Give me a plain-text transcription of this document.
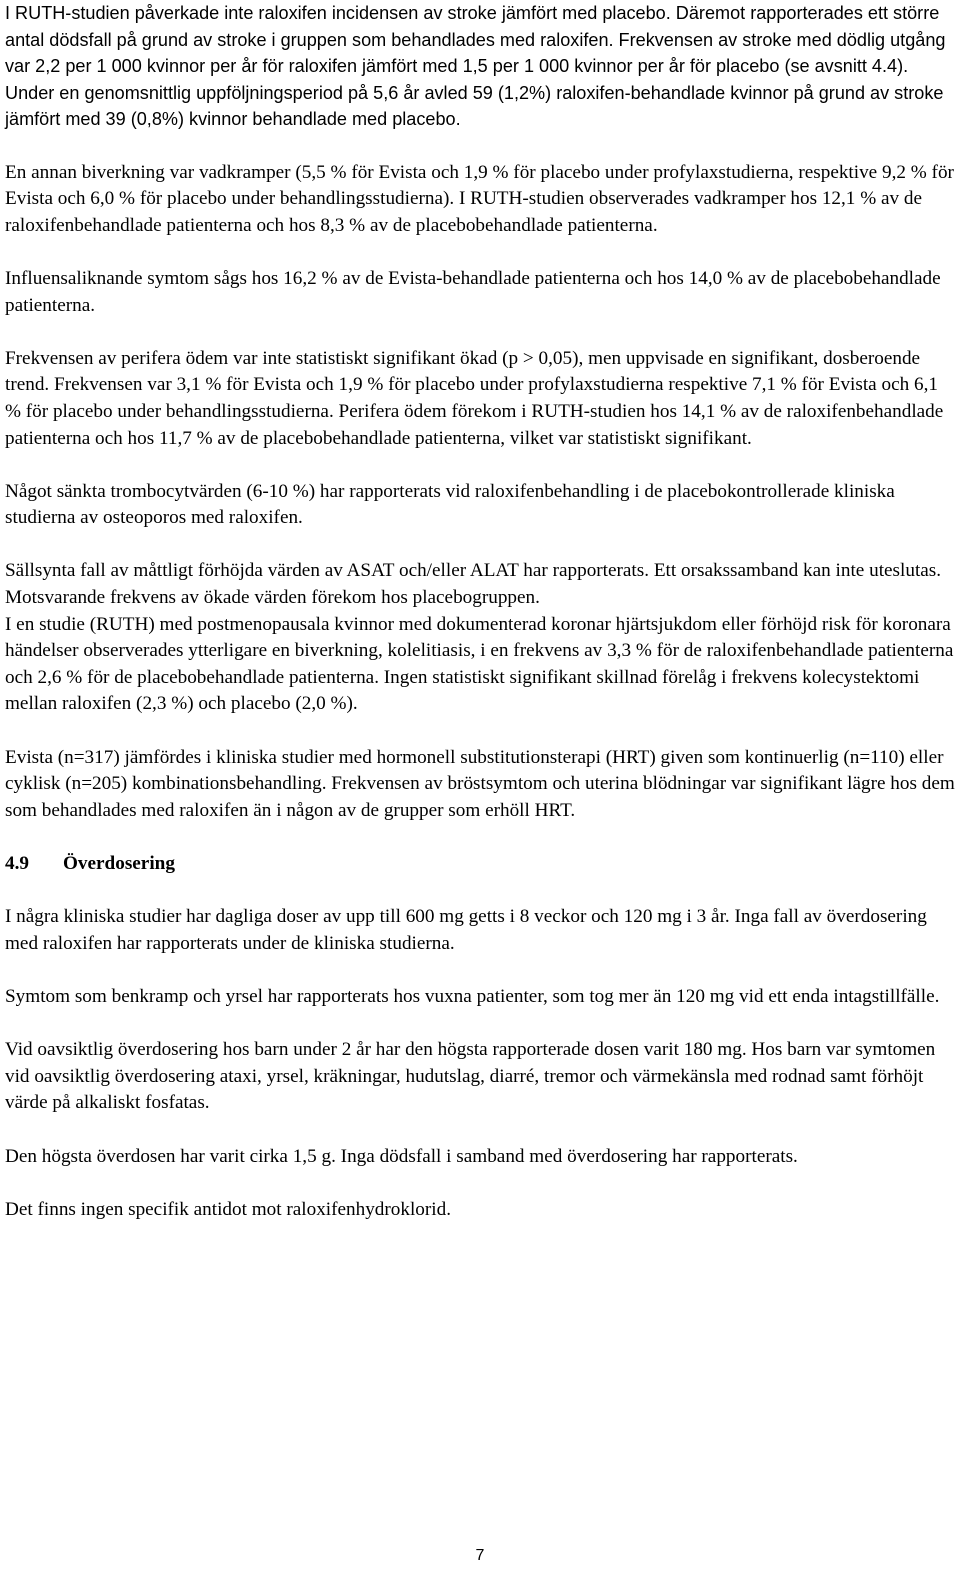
I RUTH-studien påverkade inte raloxifen incidensen av stroke jämfört med placebo. Däremot rapporterades ett större antal dödsfall på grund av stroke i gruppen som behandlades med raloxifen. Frekvensen av stroke med dödlig utgång var 2,2 per 1 000 kvinnor per år för raloxifen jämfört med 1,5 per 1 000 kvinnor per år för placebo (se avsnitt 4.4). Under en genomsnittlig uppföljningsperiod på 5,6 år avled 59 (1,2%) raloxifen-behandlade kvinnor på grund av stroke jämfört med 39 (0,8%) kvinnor behandlade med placebo.

En annan biverkning var vadkramper (5,5 % för Evista och 1,9 % för placebo under profylaxstudierna, respektive 9,2 % för Evista och 6,0 % för placebo under behandlingsstudierna). I RUTH-studien observerades vadkramper hos 12,1 % av de raloxifenbehandlade patienterna och hos 8,3 % av de placebobehandlade patienterna.

Influensaliknande symtom sågs hos 16,2 % av de Evista-behandlade patienterna och hos 14,0 % av de placebobehandlade patienterna.

Frekvensen av perifera ödem var inte statistiskt signifikant ökad (p > 0,05), men uppvisade en signifikant, dosberoende trend. Frekvensen var 3,1 % för Evista och 1,9 % för placebo under profylaxstudierna respektive 7,1 % för Evista och 6,1 % för placebo under behandlingsstudierna. Perifera ödem förekom i RUTH-studien hos 14,1 % av de raloxifenbehandlade patienterna och hos 11,7 % av de placebobehandlade patienterna, vilket var statistiskt signifikant.

Något sänkta trombocytvärden (6-10 %) har rapporterats vid raloxifenbehandling i de placebokontrollerade kliniska studierna av osteoporos med raloxifen.

Sällsynta fall av måttligt förhöjda värden av ASAT och/eller ALAT har rapporterats. Ett orsakssamband kan inte uteslutas. Motsvarande frekvens av ökade värden förekom hos placebogruppen.

I en studie (RUTH) med postmenopausala kvinnor med dokumenterad koronar hjärtsjukdom eller förhöjd risk för koronara händelser observerades ytterligare en biverkning, kolelitiasis, i en frekvens av 3,3 % för de raloxifenbehandlade patienterna och 2,6 % för de placebobehandlade patienterna. Ingen statistiskt signifikant skillnad förelåg i frekvens kolecystektomi mellan raloxifen (2,3 %) och placebo (2,0 %).

Evista (n=317) jämfördes i kliniska studier med hormonell substitutionsterapi (HRT) given som kontinuerlig (n=110) eller cyklisk (n=205) kombinationsbehandling. Frekvensen av bröstsymtom och uterina blödningar var signifikant lägre hos dem som behandlades med raloxifen än i någon av de grupper som erhöll HRT.

4.9 Överdosering

I några kliniska studier har dagliga doser av upp till 600 mg getts i 8 veckor och 120 mg i 3 år. Inga fall av överdosering med raloxifen har rapporterats under de kliniska studierna.

Symtom som benkramp och yrsel har rapporterats hos vuxna patienter, som tog mer än 120 mg vid ett enda intagstillfälle.

Vid oavsiktlig överdosering hos barn under 2 år har den högsta rapporterade dosen varit 180 mg. Hos barn var symtomen vid oavsiktlig överdosering ataxi, yrsel, kräkningar, hudutslag, diarré, tremor och värmekänsla med rodnad samt förhöjt värde på alkaliskt fosfatas.

Den högsta överdosen har varit cirka 1,5 g. Inga dödsfall i samband med överdosering har rapporterats.

Det finns ingen specifik antidot mot raloxifenhydroklorid.

7
